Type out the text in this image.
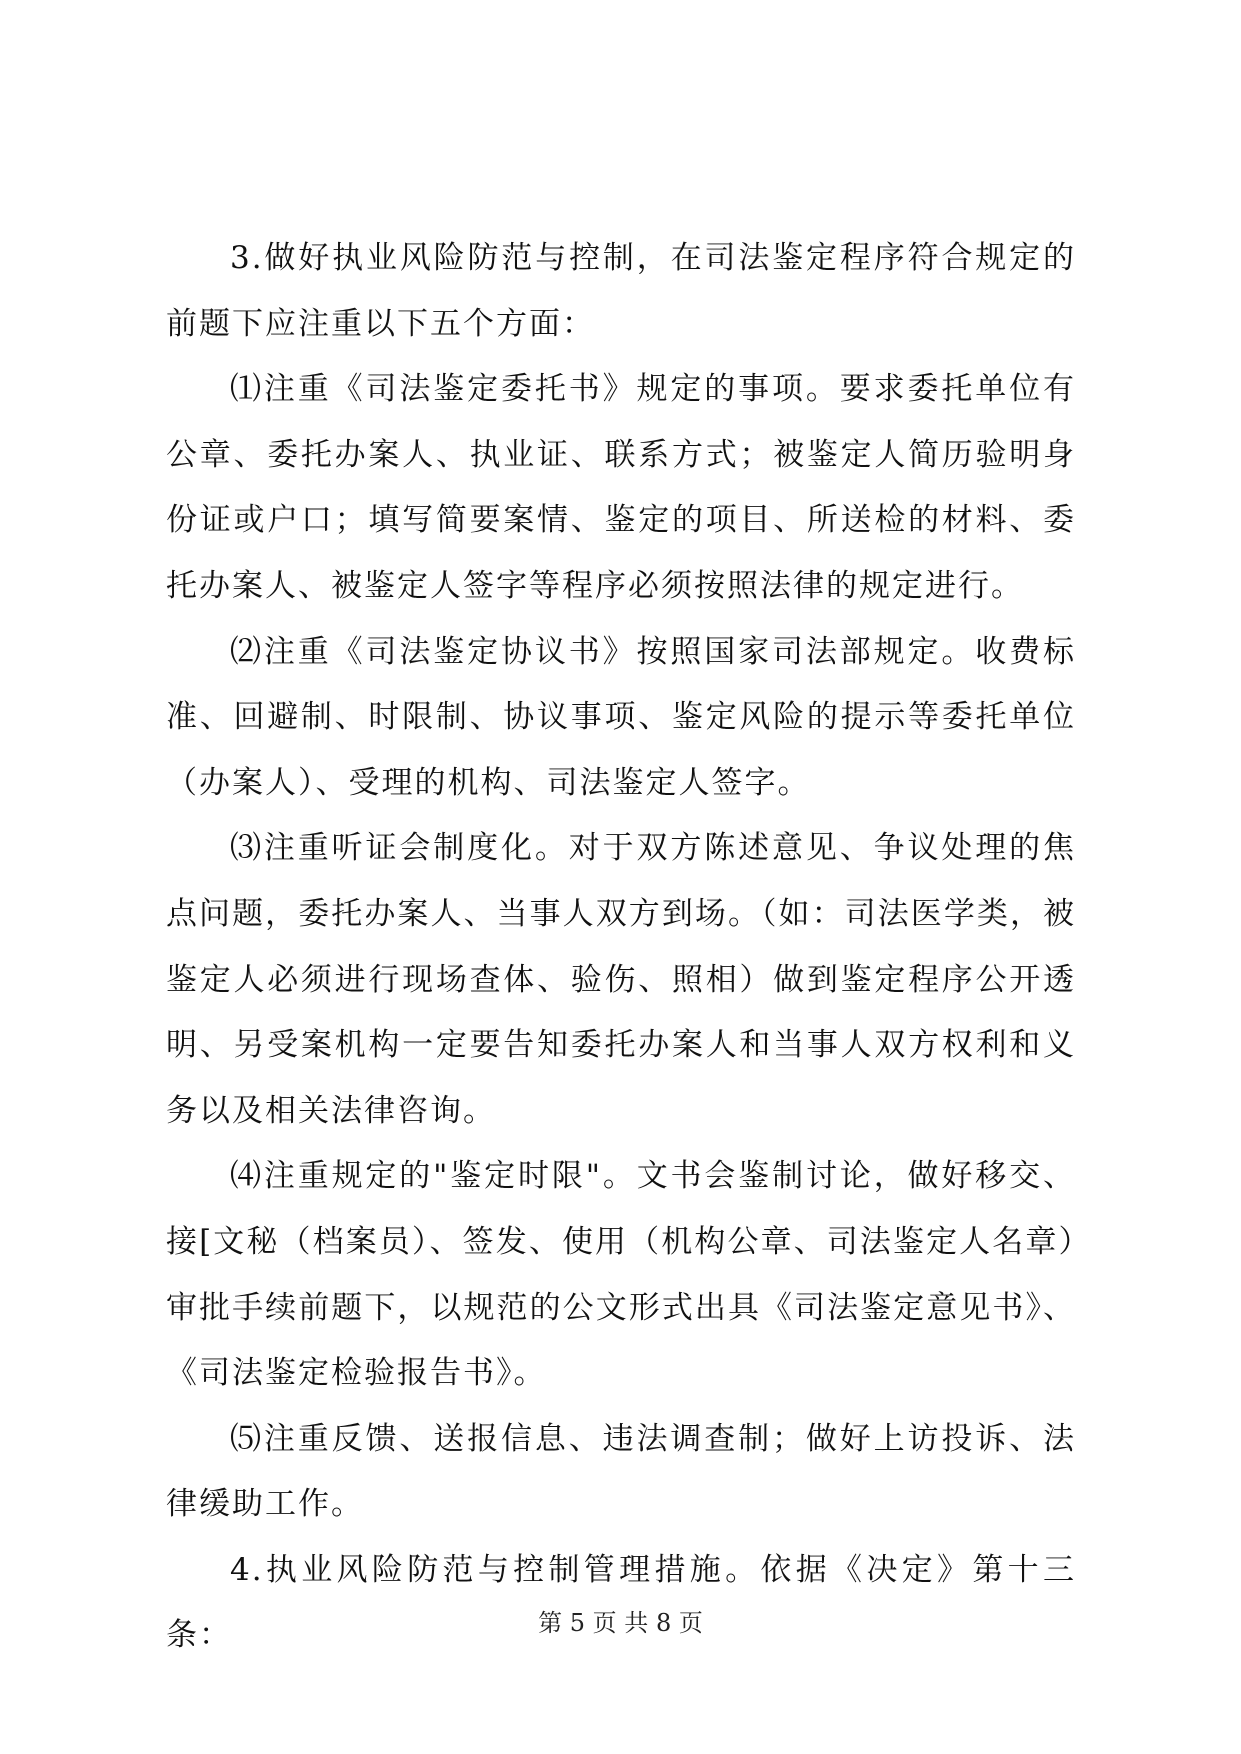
3.做好执业风险防范与控制，在司法鉴定程序符合规定的前题下应注重以下五个方面：

⑴注重《司法鉴定委托书》规定的事项。要求委托单位有公章、委托办案人、执业证、联系方式；被鉴定人简历验明身份证或户口；填写简要案情、鉴定的项目、所送检的材料、委托办案人、被鉴定人签字等程序必须按照法律的规定进行。

⑵注重《司法鉴定协议书》按照国家司法部规定。收费标准、回避制、时限制、协议事项、鉴定风险的提示等委托单位（办案人）、受理的机构、司法鉴定人签字。

⑶注重听证会制度化。对于双方陈述意见、争议处理的焦点问题，委托办案人、当事人双方到场。（如：司法医学类，被鉴定人必须进行现场查体、验伤、照相）做到鉴定程序公开透明、另受案机构一定要告知委托办案人和当事人双方权利和义务以及相关法律咨询。

⑷注重规定的"鉴定时限"。文书会鉴制讨论，做好移交、接[文秘（档案员）、签发、使用（机构公章、司法鉴定人名章）审批手续前题下，以规范的公文形式出具《司法鉴定意见书》、《司法鉴定检验报告书》。

⑸注重反馈、送报信息、违法调查制；做好上访投诉、法律缓助工作。

4.执业风险防范与控制管理措施。依据《决定》第十三条：	第 5 页 共 8 页
